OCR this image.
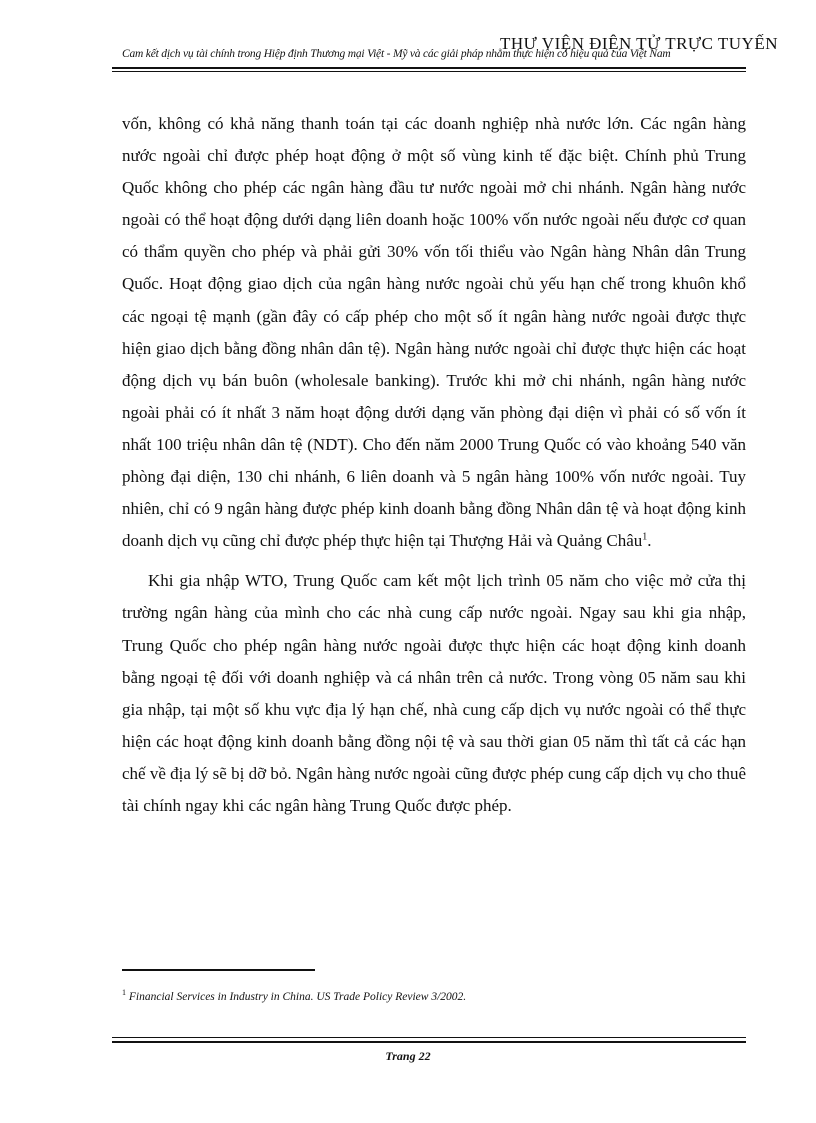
THƯ VIỆN ĐIỆN TỬ TRỰC TUYẾN
Cam kết dịch vụ tài chính trong Hiệp định Thương mại Việt - Mỹ và các giải pháp nhằm thực hiện có hiệu quả của Việt Nam

vốn, không có khả năng thanh toán tại các doanh nghiệp nhà nước lớn. Các ngân hàng nước ngoài chỉ được phép hoạt động ở một số vùng kinh tế đặc biệt. Chính phủ Trung Quốc không cho phép các ngân hàng đầu tư nước ngoài mở chi nhánh. Ngân hàng nước ngoài có thể hoạt động dưới dạng liên doanh hoặc 100% vốn nước ngoài nếu được cơ quan có thẩm quyền cho phép và phải gửi 30% vốn tối thiểu vào Ngân hàng Nhân dân Trung Quốc. Hoạt động giao dịch của ngân hàng nước ngoài chủ yếu hạn chế trong khuôn khổ các ngoại tệ mạnh (gần đây có cấp phép cho một số ít ngân hàng nước ngoài được thực hiện giao dịch bằng đồng nhân dân tệ). Ngân hàng nước ngoài chỉ được thực hiện các hoạt động dịch vụ bán buôn (wholesale banking). Trước khi mở chi nhánh, ngân hàng nước ngoài phải có ít nhất 3 năm hoạt động dưới dạng văn phòng đại diện vì phải có số vốn ít nhất 100 triệu nhân dân tệ (NDT). Cho đến năm 2000 Trung Quốc có vào khoảng 540 văn phòng đại diện, 130 chi nhánh, 6 liên doanh và 5 ngân hàng 100% vốn nước ngoài. Tuy nhiên, chỉ có 9 ngân hàng được phép kinh doanh bằng đồng Nhân dân tệ và hoạt động kinh doanh dịch vụ cũng chỉ được phép thực hiện tại Thượng Hải và Quảng Châu$^1$.

Khi gia nhập WTO, Trung Quốc cam kết một lịch trình 05 năm cho việc mở cửa thị trường ngân hàng của mình cho các nhà cung cấp nước ngoài. Ngay sau khi gia nhập, Trung Quốc cho phép ngân hàng nước ngoài được thực hiện các hoạt động kinh doanh bằng ngoại tệ đối với doanh nghiệp và cá nhân trên cả nước. Trong vòng 05 năm sau khi gia nhập, tại một số khu vực địa lý hạn chế, nhà cung cấp dịch vụ nước ngoài có thể thực hiện các hoạt động kinh doanh bằng đồng nội tệ và sau thời gian 05 năm thì tất cả các hạn chế về địa lý sẽ bị dỡ bỏ. Ngân hàng nước ngoài cũng được phép cung cấp dịch vụ cho thuê tài chính ngay khi các ngân hàng Trung Quốc được phép.

$^1$ Financial Services in Industry in China. US Trade Policy Review 3/2002.
Trang 22
